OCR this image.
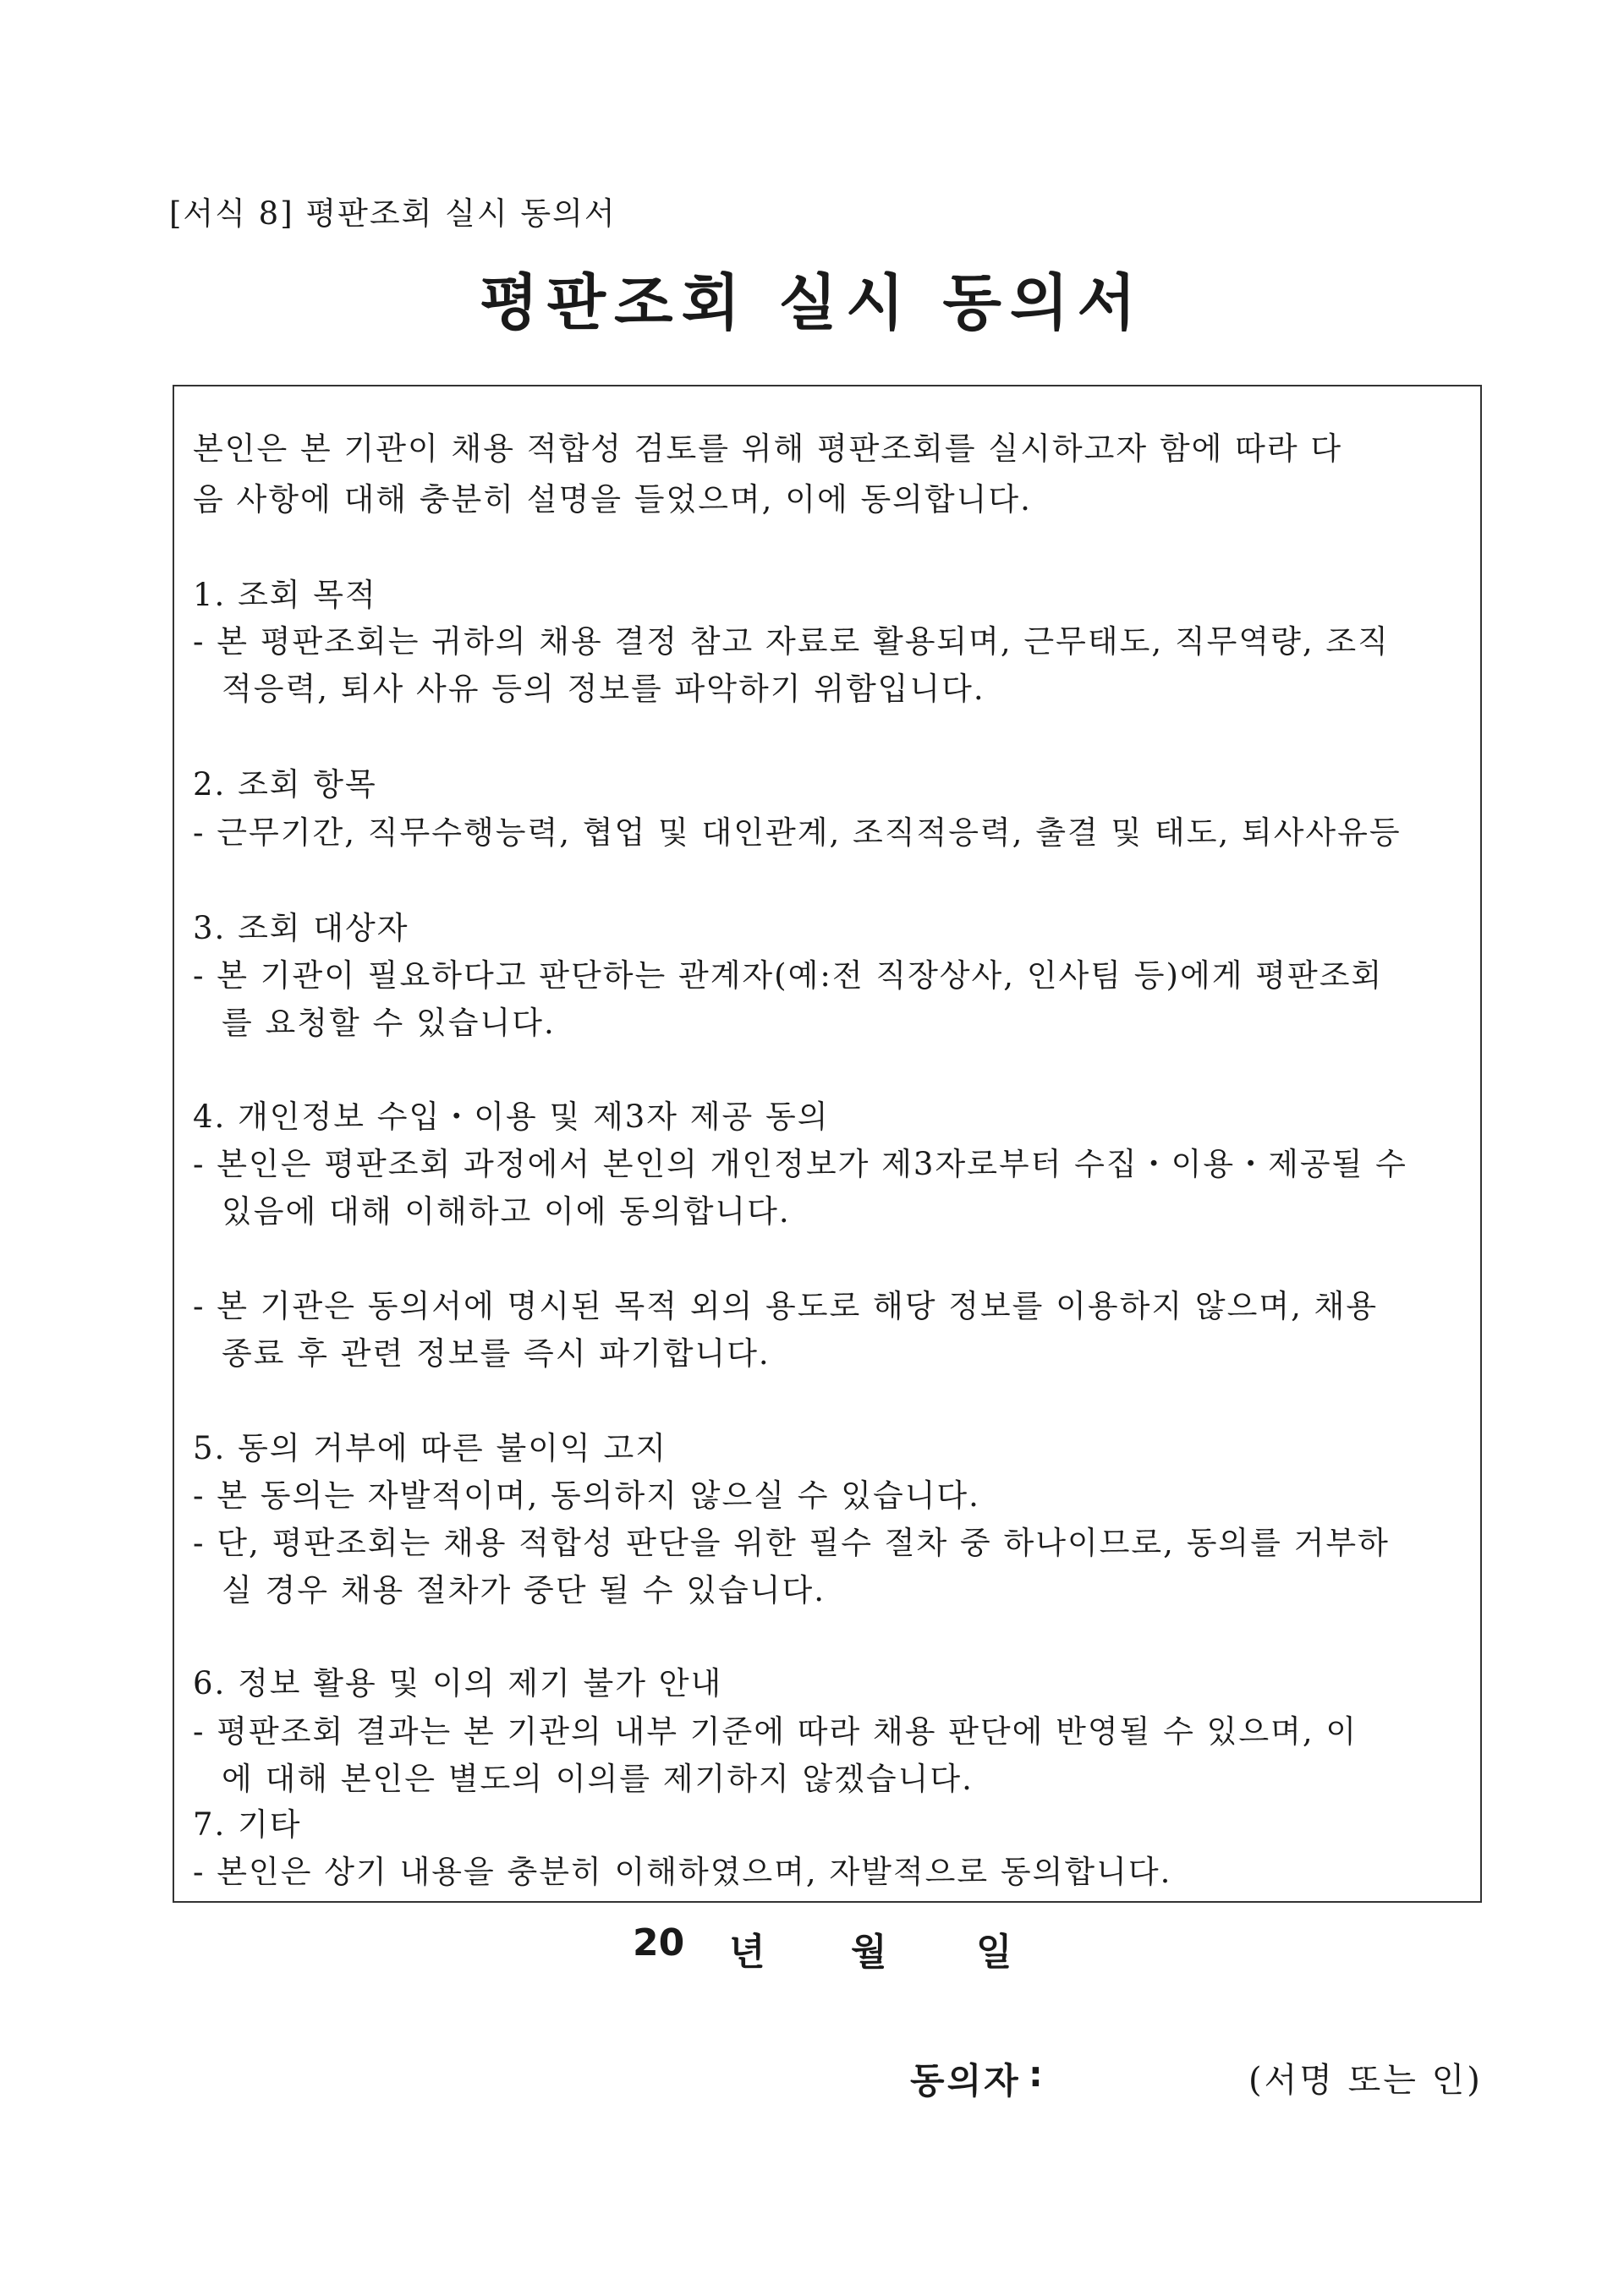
[서식 8] 평판조회 실시 동의서
평판조회 실시 동의서
본인은 본 기관이 채용 적합성 검토를 위해 평판조회를 실시하고자 함에 따라 다
음 사항에 대해 충분히 설명을 들었으며, 이에 동의합니다.
1. 조회 목적
- 본 평판조회는 귀하의 채용 결정 참고 자료로 활용되며, 근무태도, 직무역량, 조직
적응력, 퇴사 사유 등의 정보를 파악하기 위함입니다.
2. 조회 항목
- 근무기간, 직무수행능력, 협업 및 대인관계, 조직적응력, 출결 및 태도, 퇴사사유등
3. 조회 대상자
- 본 기관이 필요하다고 판단하는 관계자(예:전 직장상사, 인사팀 등)에게 평판조회
를 요청할 수 있습니다.
4. 개인정보 수입・이용 및 제3자 제공 동의
- 본인은 평판조회 과정에서 본인의 개인정보가 제3자로부터 수집・이용・제공될 수
있음에 대해 이해하고 이에 동의합니다.
- 본 기관은 동의서에 명시된 목적 외의 용도로 해당 정보를 이용하지 않으며, 채용
종료 후 관련 정보를 즉시 파기합니다.
5. 동의 거부에 따른 불이익 고지
- 본 동의는 자발적이며, 동의하지 않으실 수 있습니다.
- 단, 평판조회는 채용 적합성 판단을 위한 필수 절차 중 하나이므로, 동의를 거부하
실 경우 채용 절차가 중단 될 수 있습니다.
6. 정보 활용 및 이의 제기 불가 안내
- 평판조회 결과는 본 기관의 내부 기준에 따라 채용 판단에 반영될 수 있으며, 이
에 대해 본인은 별도의 이의를 제기하지 않겠습니다.
7. 기타
- 본인은 상기 내용을 충분히 이해하였으며, 자발적으로 동의합니다.
20 년 월 일
동의자 :	(서명 또는 인)
